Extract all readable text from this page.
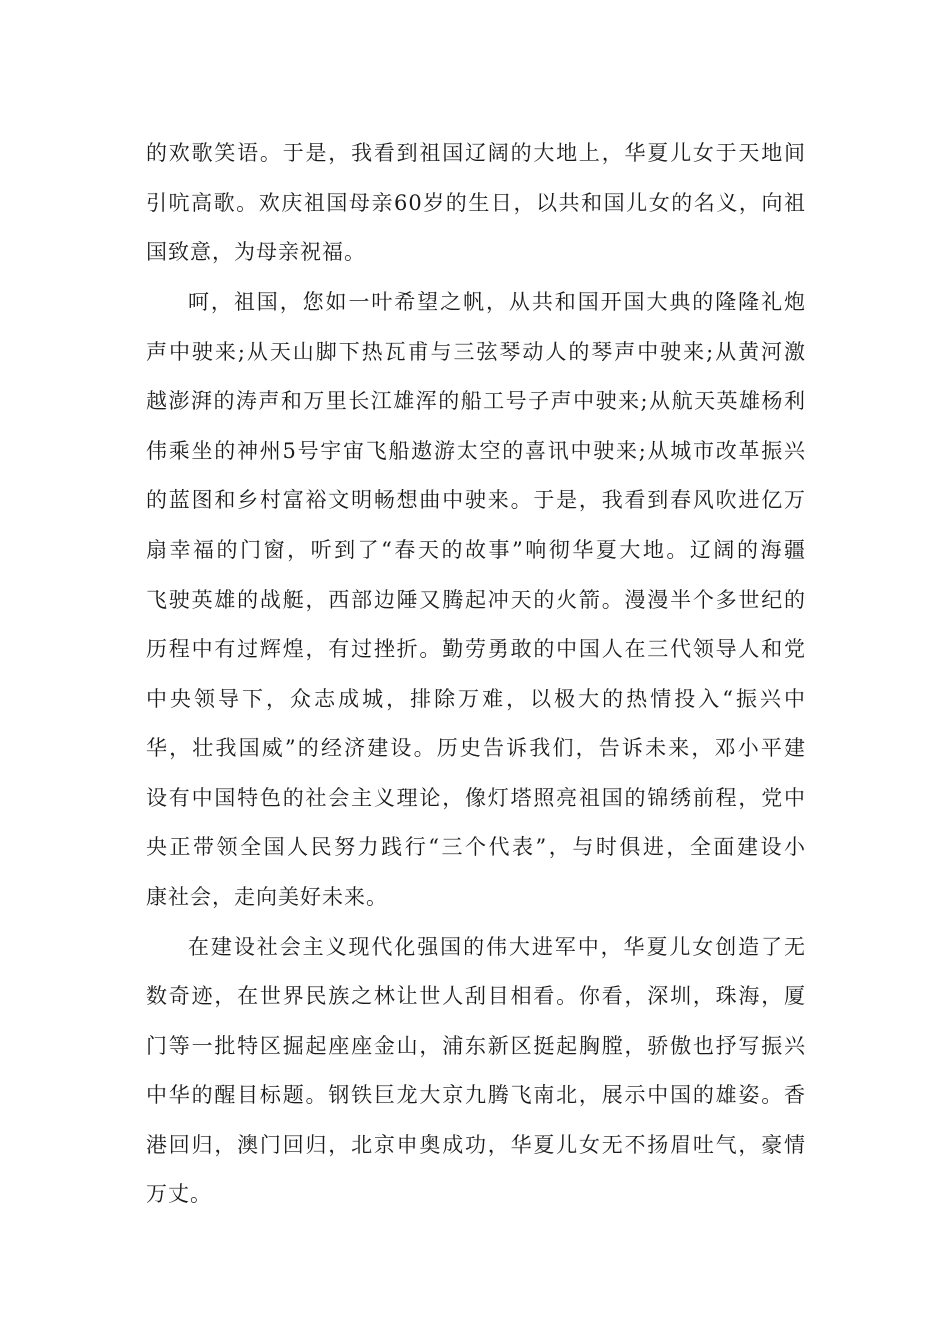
的欢歌笑语。于是，我看到祖国辽阔的大地上，华夏儿女于天地间
引吭高歌。欢庆祖国母亲60岁的生日，以共和国儿女的名义，向祖
国致意，为母亲祝福。
呵，祖国，您如一叶希望之帆，从共和国开国大典的隆隆礼炮
声中驶来;从天山脚下热瓦甫与三弦琴动人的琴声中驶来;从黄河激
越澎湃的涛声和万里长江雄浑的船工号子声中驶来;从航天英雄杨利
伟乘坐的神州5号宇宙飞船遨游太空的喜讯中驶来;从城市改革振兴
的蓝图和乡村富裕文明畅想曲中驶来。于是，我看到春风吹进亿万
扇幸福的门窗，听到了“春天的故事”响彻华夏大地。辽阔的海疆
飞驶英雄的战艇，西部边陲又腾起冲天的火箭。漫漫半个多世纪的
历程中有过辉煌，有过挫折。勤劳勇敢的中国人在三代领导人和党
中央领导下，众志成城，排除万难，以极大的热情投入“振兴中
华，壮我国威”的经济建设。历史告诉我们，告诉未来，邓小平建
设有中国特色的社会主义理论，像灯塔照亮祖国的锦绣前程，党中
央正带领全国人民努力践行“三个代表”，与时俱进，全面建设小
康社会，走向美好未来。
在建设社会主义现代化强国的伟大进军中，华夏儿女创造了无
数奇迹，在世界民族之林让世人刮目相看。你看，深圳，珠海，厦
门等一批特区掘起座座金山，浦东新区挺起胸膛，骄傲也抒写振兴
中华的醒目标题。钢铁巨龙大京九腾飞南北，展示中国的雄姿。香
港回归，澳门回归，北京申奥成功，华夏儿女无不扬眉吐气，豪情
万丈。
